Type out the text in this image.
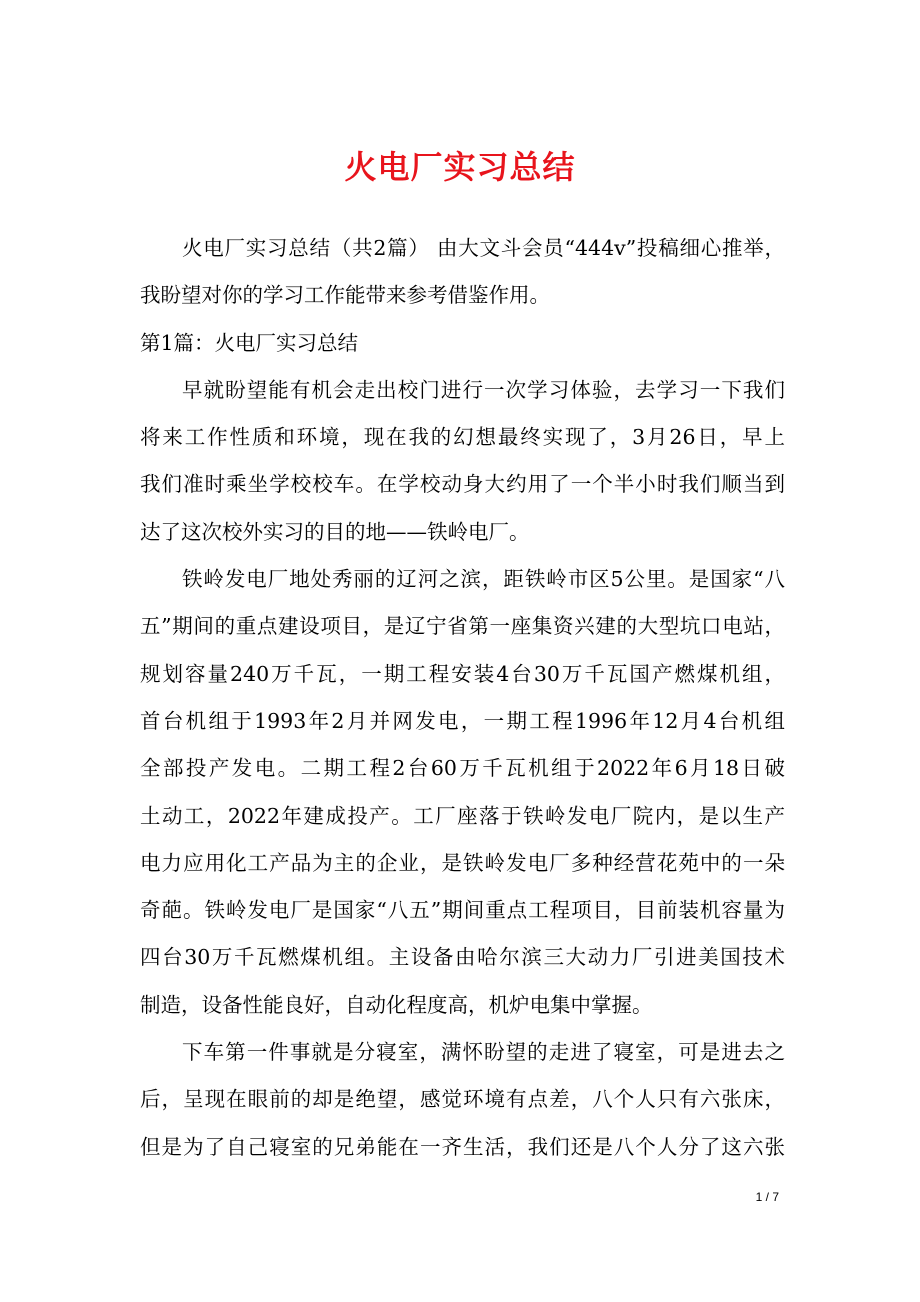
火电厂实习总结
火电厂实习总结（共2篇） 由大文斗会员“444v”投稿细心推举，
我盼望对你的学习工作能带来参考借鉴作用。
第1篇：火电厂实习总结
早就盼望能有机会走出校门进行一次学习体验，去学习一下我们
将来工作性质和环境，现在我的幻想最终实现了，3月26日，早上
我们准时乘坐学校校车。在学校动身大约用了一个半小时我们顺当到
达了这次校外实习的目的地——铁岭电厂。
铁岭发电厂地处秀丽的辽河之滨，距铁岭市区5公里。是国家“八
五”期间的重点建设项目，是辽宁省第一座集资兴建的大型坑口电站，
规划容量240万千瓦，一期工程安装4台30万千瓦国产燃煤机组，
首台机组于1993年2月并网发电，一期工程1996年12月4台机组
全部投产发电。二期工程2台60万千瓦机组于2022年6月18日破
土动工，2022年建成投产。工厂座落于铁岭发电厂院内，是以生产
电力应用化工产品为主的企业，是铁岭发电厂多种经营花苑中的一朵
奇葩。铁岭发电厂是国家“八五”期间重点工程项目，目前装机容量为
四台30万千瓦燃煤机组。主设备由哈尔滨三大动力厂引进美国技术
制造，设备性能良好，自动化程度高，机炉电集中掌握。
下车第一件事就是分寝室，满怀盼望的走进了寝室，可是进去之
后，呈现在眼前的却是绝望，感觉环境有点差，八个人只有六张床，
但是为了自己寝室的兄弟能在一齐生活，我们还是八个人分了这六张
1 / 7
